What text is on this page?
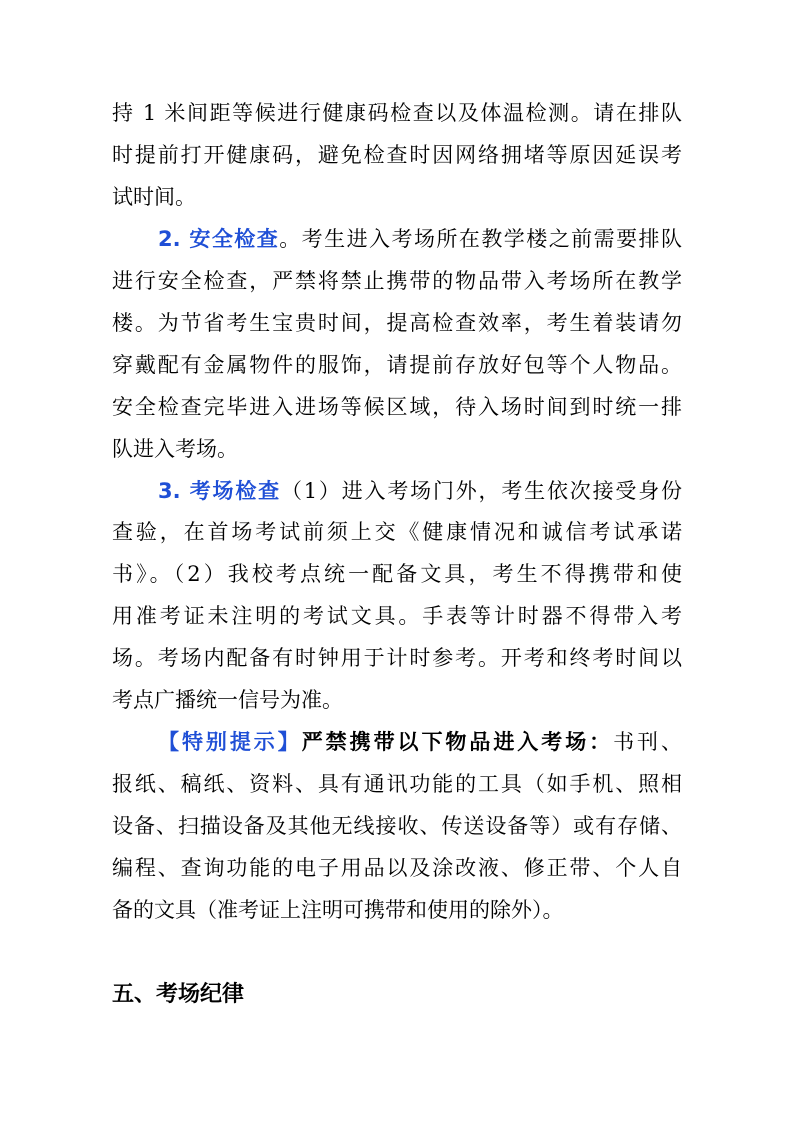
持 1 米间距等候进行健康码检查以及体温检测。请在排队
时提前打开健康码，避免检查时因网络拥堵等原因延误考
试时间。
2. 安全检查。考生进入考场所在教学楼之前需要排队
进行安全检查，严禁将禁止携带的物品带入考场所在教学
楼。为节省考生宝贵时间，提高检查效率，考生着装请勿
穿戴配有金属物件的服饰，请提前存放好包等个人物品。
安全检查完毕进入进场等候区域，待入场时间到时统一排
队进入考场。
3. 考场检查（1）进入考场门外，考生依次接受身份
查验，在首场考试前须上交《健康情况和诚信考试承诺
书》。（2）我校考点统一配备文具，考生不得携带和使
用准考证未注明的考试文具。手表等计时器不得带入考
场。考场内配备有时钟用于计时参考。开考和终考时间以
考点广播统一信号为准。
【特别提示】严禁携带以下物品进入考场：书刊、
报纸、稿纸、资料、具有通讯功能的工具（如手机、照相
设备、扫描设备及其他无线接收、传送设备等）或有存储、
编程、查询功能的电子用品以及涂改液、修正带、个人自
备的文具（准考证上注明可携带和使用的除外）。
五、考场纪律
